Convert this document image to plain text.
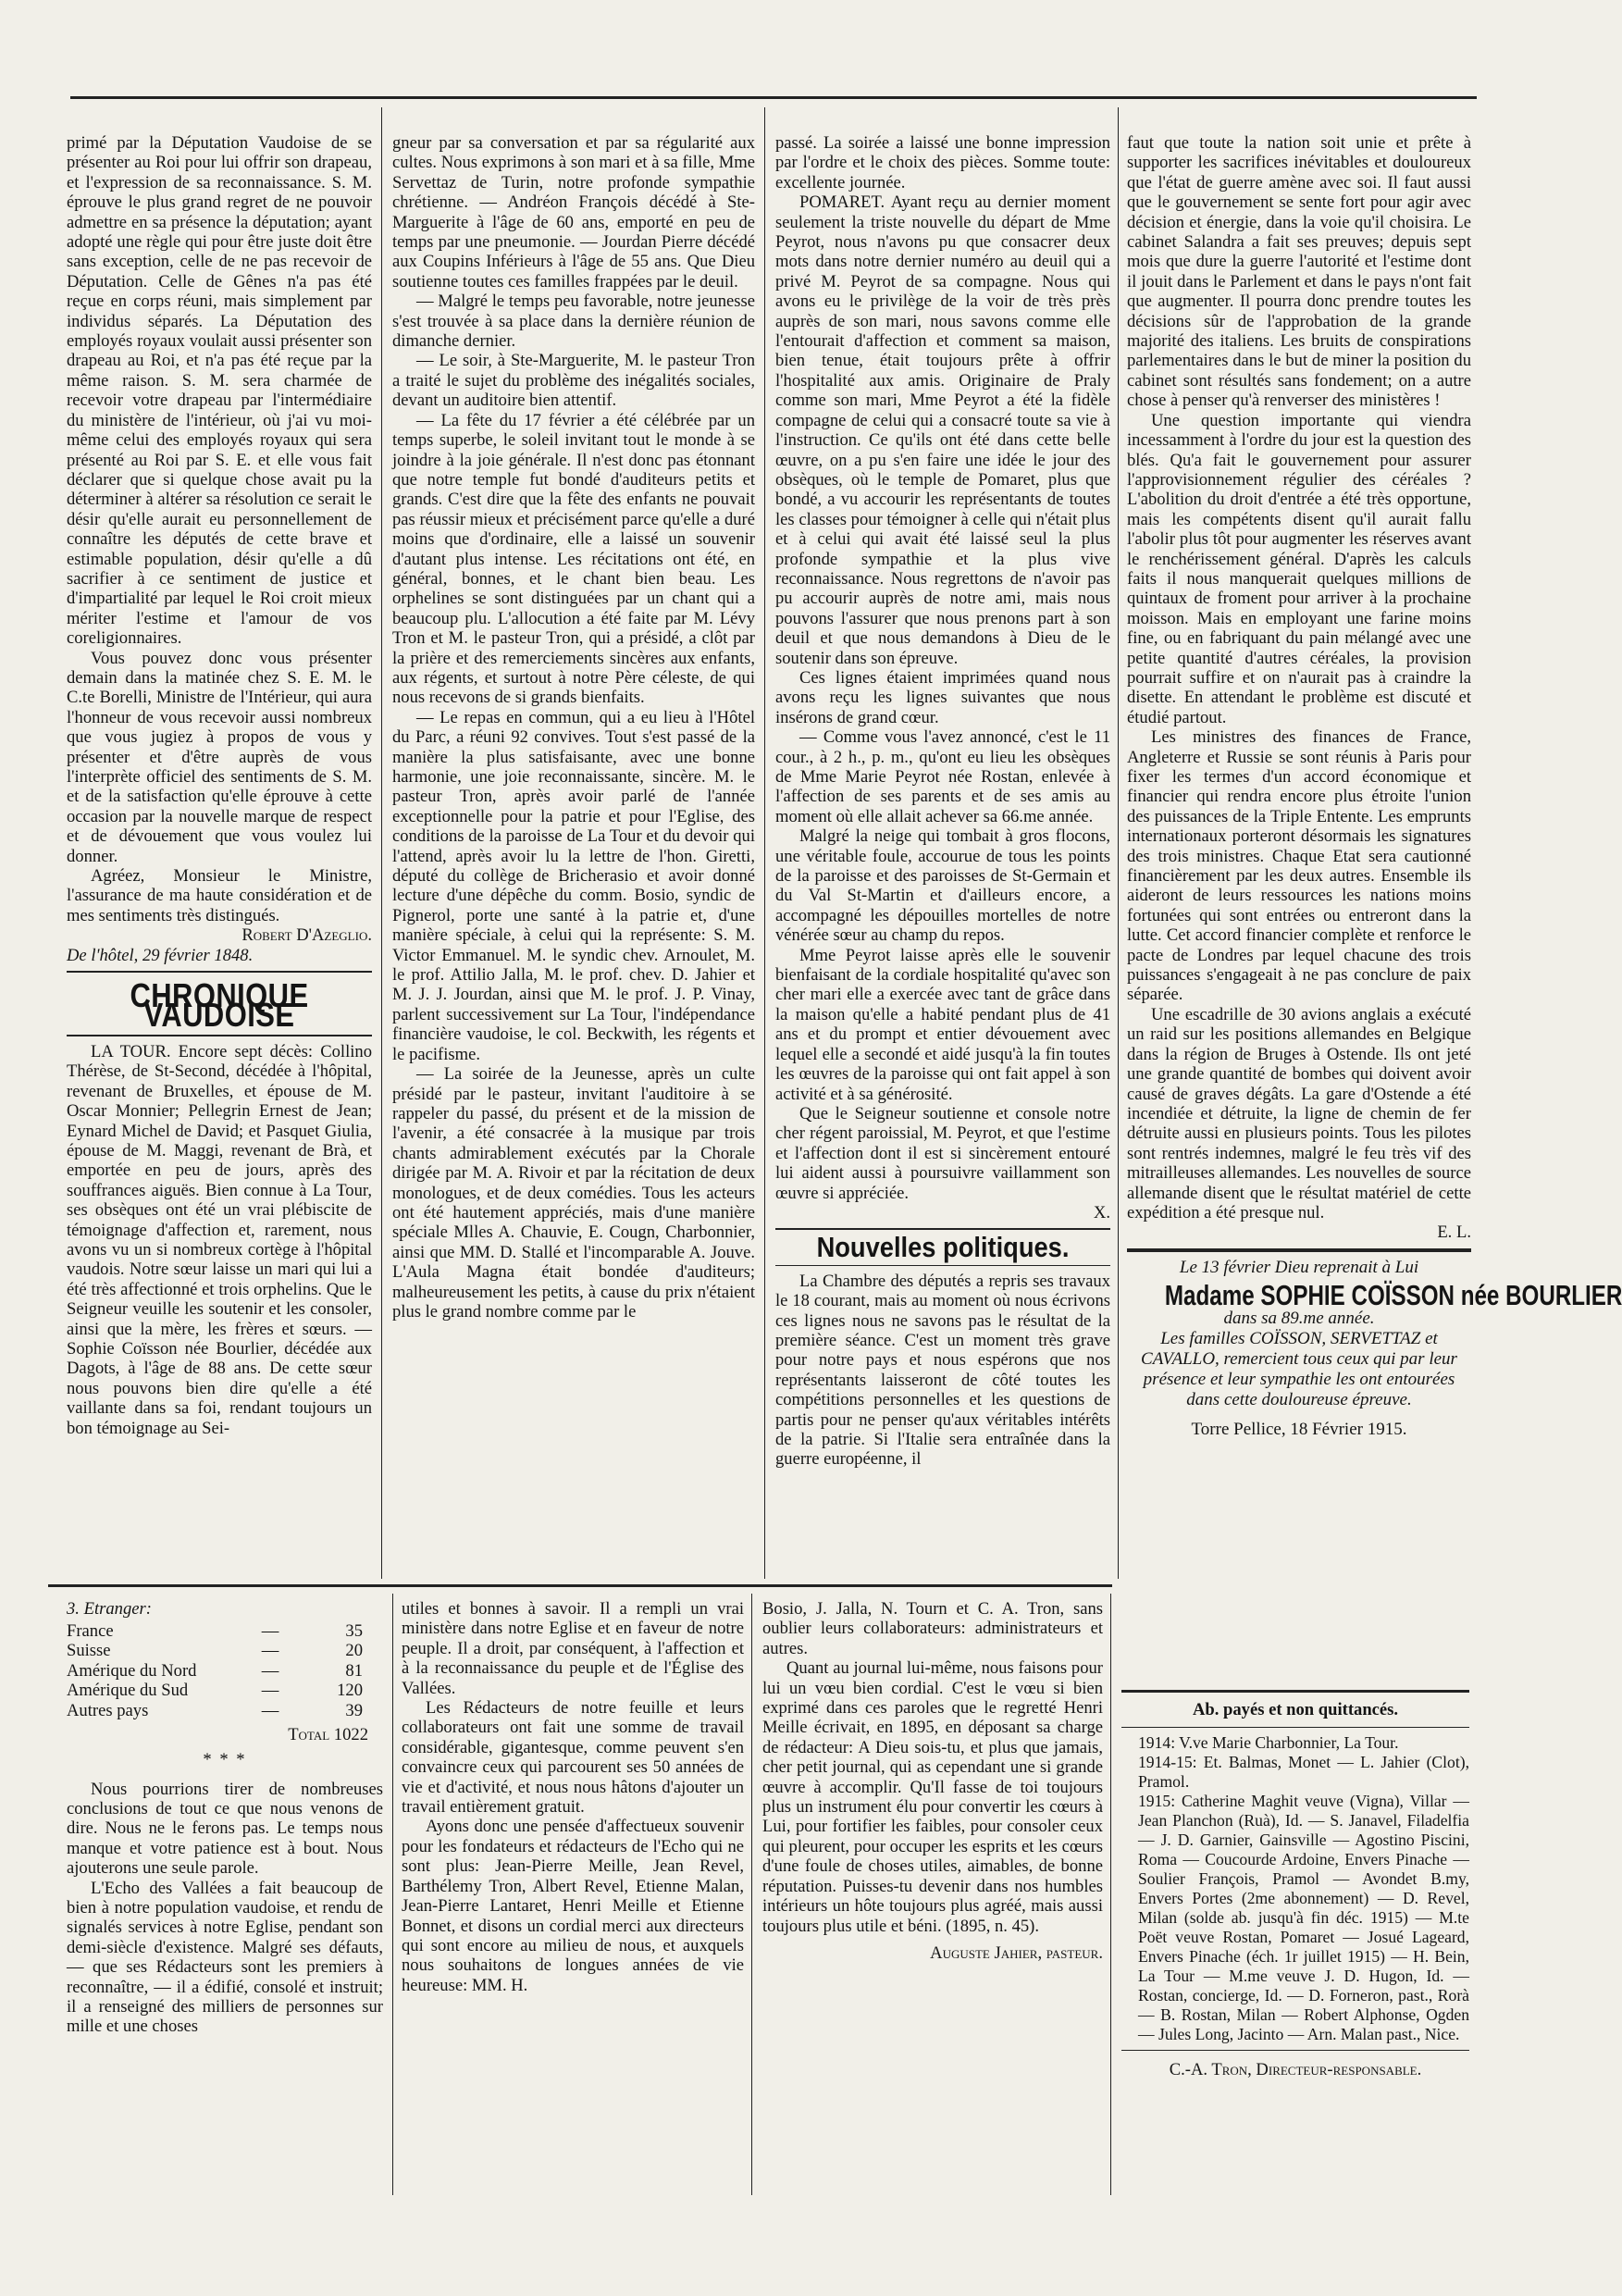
primé par la Députation Vaudoise de se présenter au Roi pour lui offrir son drapeau, et l'expression de sa reconnaissance. S. M. éprouve le plus grand regret de ne pouvoir admettre en sa présence la députation; ayant adopté une règle qui pour être juste doit être sans exception, celle de ne pas recevoir de Députation. Celle de Gênes n'a pas été reçue en corps réuni, mais simplement par individus séparés. La Députation des employés royaux voulait aussi présenter son drapeau au Roi, et n'a pas été reçue par la même raison. S. M. sera charmée de recevoir votre drapeau par l'intermédiaire du ministère de l'intérieur, où j'ai vu moi-même celui des employés royaux qui sera présenté au Roi par S. E. et elle vous fait déclarer que si quelque chose avait pu la déterminer à altérer sa résolution ce serait le désir qu'elle aurait eu personnellement de connaître les députés de cette brave et estimable population, désir qu'elle a dû sacrifier à ce sentiment de justice et d'impartialité par lequel le Roi croit mieux mériter l'estime et l'amour de vos coreligionnaires.

Vous pouvez donc vous présenter demain dans la matinée chez S. E. M. le C.te Borelli, Ministre de l'Intérieur, qui aura l'honneur de vous recevoir aussi nombreux que vous jugiez à propos de vous y présenter et d'être auprès de vous l'interprète officiel des sentiments de S. M. et de la satisfaction qu'elle éprouve à cette occasion par la nouvelle marque de respect et de dévouement que vous voulez lui donner.

Agréez, Monsieur le Ministre, l'assurance de ma haute considération et de mes sentiments très distingués.

Robert D'Azeglio.

De l'hôtel, 29 février 1848.

CHRONIQUE VAUDOISE

LA TOUR. Encore sept décès: Collino Thérèse, de St-Second, décédée à l'hôpital, revenant de Bruxelles, et épouse de M. Oscar Monnier; Pellegrin Ernest de Jean; Eynard Michel de David; et Pasquet Giulia, épouse de M. Maggi, revenant de Brà, et emportée en peu de jours, après des souffrances aiguës. Bien connue à La Tour, ses obsèques ont été un vrai plébiscite de témoignage d'affection et, rarement, nous avons vu un si nombreux cortège à l'hôpital vaudois. Notre sœur laisse un mari qui lui a été très affectionné et trois orphelins. Que le Seigneur veuille les soutenir et les consoler, ainsi que la mère, les frères et sœurs. — Sophie Coïsson née Bourlier, décédée aux Dagots, à l'âge de 88 ans. De cette sœur nous pouvons bien dire qu'elle a été vaillante dans sa foi, rendant toujours un bon témoignage au Sei-

gneur par sa conversation et par sa régularité aux cultes. Nous exprimons à son mari et à sa fille, Mme Servettaz de Turin, notre profonde sympathie chrétienne. — Andréon François décédé à Ste-Marguerite à l'âge de 60 ans, emporté en peu de temps par une pneumonie. — Jourdan Pierre décédé aux Coupins Inférieurs à l'âge de 55 ans. Que Dieu soutienne toutes ces familles frappées par le deuil.

— Malgré le temps peu favorable, notre jeunesse s'est trouvée à sa place dans la dernière réunion de dimanche dernier.

— Le soir, à Ste-Marguerite, M. le pasteur Tron a traité le sujet du problème des inégalités sociales, devant un auditoire bien attentif.

— La fête du 17 février a été célébrée par un temps superbe, le soleil invitant tout le monde à se joindre à la joie générale. Il n'est donc pas étonnant que notre temple fut bondé d'auditeurs petits et grands. C'est dire que la fête des enfants ne pouvait pas réussir mieux et précisément parce qu'elle a duré moins que d'ordinaire, elle a laissé un souvenir d'autant plus intense. Les récitations ont été, en général, bonnes, et le chant bien beau. Les orphelines se sont distinguées par un chant qui a beaucoup plu. L'allocution a été faite par M. Lévy Tron et M. le pasteur Tron, qui a présidé, a clôt par la prière et des remerciements sincères aux enfants, aux régents, et surtout à notre Père céleste, de qui nous recevons de si grands bienfaits.

— Le repas en commun, qui a eu lieu à l'Hôtel du Parc, a réuni 92 convives. Tout s'est passé de la manière la plus satisfaisante, avec une bonne harmonie, une joie reconnaissante, sincère. M. le pasteur Tron, après avoir parlé de l'année exceptionnelle pour la patrie et pour l'Eglise, des conditions de la paroisse de La Tour et du devoir qui l'attend, après avoir lu la lettre de l'hon. Giretti, député du collège de Bricherasio et avoir donné lecture d'une dépêche du comm. Bosio, syndic de Pignerol, porte une santé à la patrie et, d'une manière spéciale, à celui qui la représente: S. M. Victor Emmanuel. M. le syndic chev. Arnoulet, M. le prof. Attilio Jalla, M. le prof. chev. D. Jahier et M. J. J. Jourdan, ainsi que M. le prof. J. P. Vinay, parlent successivement sur La Tour, l'indépendance financière vaudoise, le col. Beckwith, les régents et le pacifisme.

— La soirée de la Jeunesse, après un culte présidé par le pasteur, invitant l'auditoire à se rappeler du passé, du présent et de la mission de l'avenir, a été consacrée à la musique par trois chants admirablement exécutés par la Chorale dirigée par M. A. Rivoir et par la récitation de deux monologues, et de deux comédies. Tous les acteurs ont été hautement appréciés, mais d'une manière spéciale Mlles A. Chauvie, E. Cougn, Charbonnier, ainsi que MM. D. Stallé et l'incomparable A. Jouve. L'Aula Magna était bondée d'auditeurs; malheureusement les petits, à cause du prix n'étaient plus le grand nombre comme par le

passé. La soirée a laissé une bonne impression par l'ordre et le choix des pièces. Somme toute: excellente journée.

POMARET. Ayant reçu au dernier moment seulement la triste nouvelle du départ de Mme Peyrot, nous n'avons pu que consacrer deux mots dans notre dernier numéro au deuil qui a privé M. Peyrot de sa compagne. Nous qui avons eu le privilège de la voir de très près auprès de son mari, nous savons comme elle l'entourait d'affection et comment sa maison, bien tenue, était toujours prête à offrir l'hospitalité aux amis. Originaire de Praly comme son mari, Mme Peyrot a été la fidèle compagne de celui qui a consacré toute sa vie à l'instruction. Ce qu'ils ont été dans cette belle œuvre, on a pu s'en faire une idée le jour des obsèques, où le temple de Pomaret, plus que bondé, a vu accourir les représentants de toutes les classes pour témoigner à celle qui n'était plus et à celui qui avait été laissé seul la plus profonde sympathie et la plus vive reconnaissance. Nous regrettons de n'avoir pas pu accourir auprès de notre ami, mais nous pouvons l'assurer que nous prenons part à son deuil et que nous demandons à Dieu de le soutenir dans son épreuve.

Ces lignes étaient imprimées quand nous avons reçu les lignes suivantes que nous insérons de grand cœur.

— Comme vous l'avez annoncé, c'est le 11 cour., à 2 h., p. m., qu'ont eu lieu les obsèques de Mme Marie Peyrot née Rostan, enlevée à l'affection de ses parents et de ses amis au moment où elle allait achever sa 66.me année.

Malgré la neige qui tombait à gros flocons, une véritable foule, accourue de tous les points de la paroisse et des paroisses de St-Germain et du Val St-Martin et d'ailleurs encore, a accompagné les dépouilles mortelles de notre vénérée sœur au champ du repos.

Mme Peyrot laisse après elle le souvenir bienfaisant de la cordiale hospitalité qu'avec son cher mari elle a exercée avec tant de grâce dans la maison qu'elle a habité pendant plus de 41 ans et du prompt et entier dévouement avec lequel elle a secondé et aidé jusqu'à la fin toutes les œuvres de la paroisse qui ont fait appel à son activité et à sa générosité.

Que le Seigneur soutienne et console notre cher régent paroissial, M. Peyrot, et que l'estime et l'affection dont il est si sincèrement entouré lui aident aussi à poursuivre vaillamment son œuvre si appréciée.

X.

Nouvelles politiques.

La Chambre des députés a repris ses travaux le 18 courant, mais au moment où nous écrivons ces lignes nous ne savons pas le résultat de la première séance. C'est un moment très grave pour notre pays et nous espérons que nos représentants laisseront de côté toutes les compétitions personnelles et les questions de partis pour ne penser qu'aux véritables intérêts de la patrie. Si l'Italie sera entraînée dans la guerre européenne, il

faut que toute la nation soit unie et prête à supporter les sacrifices inévitables et douloureux que l'état de guerre amène avec soi. Il faut aussi que le gouvernement se sente fort pour agir avec décision et énergie, dans la voie qu'il choisira. Le cabinet Salandra a fait ses preuves; depuis sept mois que dure la guerre l'autorité et l'estime dont il jouit dans le Parlement et dans le pays n'ont fait que augmenter. Il pourra donc prendre toutes les décisions sûr de l'approbation de la grande majorité des italiens. Les bruits de conspirations parlementaires dans le but de miner la position du cabinet sont résultés sans fondement; on a autre chose à penser qu'à renverser des ministères !

Une question importante qui viendra incessamment à l'ordre du jour est la question des blés. Qu'a fait le gouvernement pour assurer l'approvisionnement régulier des céréales ? L'abolition du droit d'entrée a été très opportune, mais les compétents disent qu'il aurait fallu l'abolir plus tôt pour augmenter les réserves avant le renchérissement général. D'après les calculs faits il nous manquerait quelques millions de quintaux de froment pour arriver à la prochaine moisson. Mais en employant une farine moins fine, ou en fabriquant du pain mélangé avec une petite quantité d'autres céréales, la provision pourrait suffire et on n'aurait pas à craindre la disette. En attendant le problème est discuté et étudié partout.

Les ministres des finances de France, Angleterre et Russie se sont réunis à Paris pour fixer les termes d'un accord économique et financier qui rendra encore plus étroite l'union des puissances de la Triple Entente. Les emprunts internationaux porteront désormais les signatures des trois ministres. Chaque Etat sera cautionné financièrement par les deux autres. Ensemble ils aideront de leurs ressources les nations moins fortunées qui sont entrées ou entreront dans la lutte. Cet accord financier complète et renforce le pacte de Londres par lequel chacune des trois puissances s'engageait à ne pas conclure de paix séparée.

Une escadrille de 30 avions anglais a exécuté un raid sur les positions allemandes en Belgique dans la région de Bruges à Ostende. Ils ont jeté une grande quantité de bombes qui doivent avoir causé de graves dégâts. La gare d'Ostende a été incendiée et détruite, la ligne de chemin de fer détruite aussi en plusieurs points. Tous les pilotes sont rentrés indemnes, malgré le feu très vif des mitrailleuses allemandes. Les nouvelles de source allemande disent que le résultat matériel de cette expédition a été presque nul.

E. L.

Le 13 février Dieu reprenait à Lui
Madame SOPHIE COÏSSON née BOURLIER
dans sa 89.me année.
Les familles COÏSSON, SERVETTAZ et CAVALLO, remercient tous ceux qui par leur présence et leur sympathie les ont entourées dans cette douloureuse épreuve.
Torre Pellice, 18 Février 1915.
3. Etranger:
France	—	35
Suisse	—	20
Amérique du Nord	—	81
Amérique du Sud	—	120
Autres pays	—	39
Total 1022
* * *

Nous pourrions tirer de nombreuses conclusions de tout ce que nous venons de dire. Nous ne le ferons pas. Le temps nous manque et votre patience est à bout. Nous ajouterons une seule parole.

L'Echo des Vallées a fait beaucoup de bien à notre population vaudoise, et rendu de signalés services à notre Eglise, pendant son demi-siècle d'existence. Malgré ses défauts, — que ses Rédacteurs sont les premiers à reconnaître, — il a édifié, consolé et instruit; il a renseigné des milliers de personnes sur mille et une choses

utiles et bonnes à savoir. Il a rempli un vrai ministère dans notre Eglise et en faveur de notre peuple. Il a droit, par conséquent, à l'affection et à la reconnaissance du peuple et de l'Église des Vallées.

Les Rédacteurs de notre feuille et leurs collaborateurs ont fait une somme de travail considérable, gigantesque, comme peuvent s'en convaincre ceux qui parcourent ses 50 années de vie et d'activité, et nous nous hâtons d'ajouter un travail entièrement gratuit.

Ayons donc une pensée d'affectueux souvenir pour les fondateurs et rédacteurs de l'Echo qui ne sont plus: Jean-Pierre Meille, Jean Revel, Barthélemy Tron, Albert Revel, Etienne Malan, Jean-Pierre Lantaret, Henri Meille et Etienne Bonnet, et disons un cordial merci aux directeurs qui sont encore au milieu de nous, et auxquels nous souhaitons de longues années de vie heureuse: MM. H.

Bosio, J. Jalla, N. Tourn et C. A. Tron, sans oublier leurs collaborateurs: administrateurs et autres.

Quant au journal lui-même, nous faisons pour lui un vœu bien cordial. C'est le vœu si bien exprimé dans ces paroles que le regretté Henri Meille écrivait, en 1895, en déposant sa charge de rédacteur: A Dieu sois-tu, et plus que jamais, cher petit journal, qui as cependant une si grande œuvre à accomplir. Qu'Il fasse de toi toujours plus un instrument élu pour convertir les cœurs à Lui, pour fortifier les faibles, pour consoler ceux qui pleurent, pour occuper les esprits et les cœurs d'une foule de choses utiles, aimables, de bonne réputation. Puisses-tu devenir dans nos humbles intérieurs un hôte toujours plus agréé, mais aussi toujours plus utile et béni. (1895, n. 45).

Auguste Jahier, pasteur.

Ab. payés et non quittancés.

1914: V.ve Marie Charbonnier, La Tour.

1914-15: Et. Balmas, Monet — L. Jahier (Clot), Pramol.

1915: Catherine Maghit veuve (Vigna), Villar — Jean Planchon (Ruà), Id. — S. Janavel, Filadelfia — J. D. Garnier, Gainsville — Agostino Piscini, Roma — Coucourde Ardoine, Envers Pinache — Soulier François, Pramol — Avondet B.my, Envers Portes (2me abonnement) — D. Revel, Milan (solde ab. jusqu'à fin déc. 1915) — M.te Poët veuve Rostan, Pomaret — Josué Lageard, Envers Pinache (éch. 1r juillet 1915) — H. Bein, La Tour — M.me veuve J. D. Hugon, Id. — Rostan, concierge, Id. — D. Forneron, past., Rorà — B. Rostan, Milan — Robert Alphonse, Ogden — Jules Long, Jacinto — Arn. Malan past., Nice.

C.-A. Tron, Directeur-responsable.
